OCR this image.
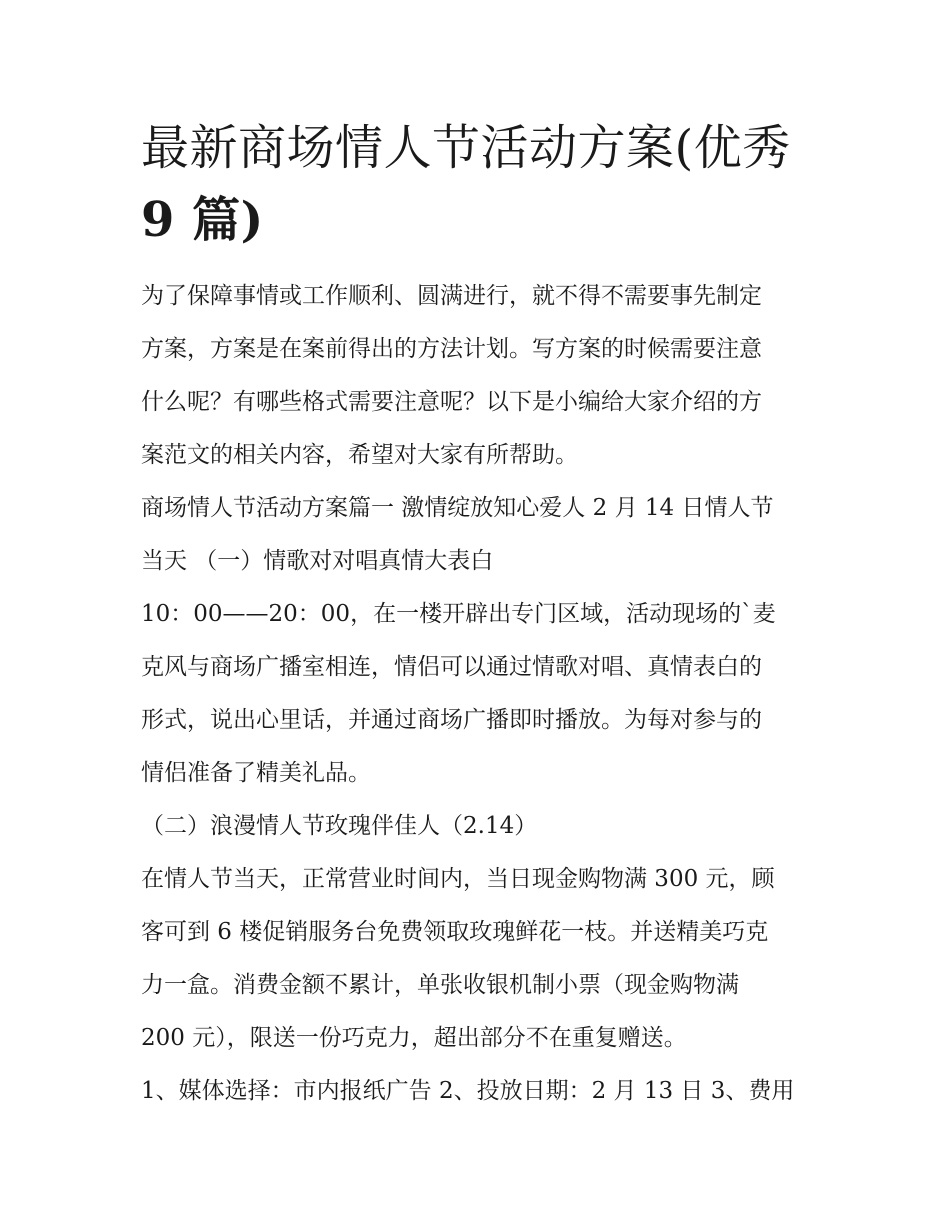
最新商场情人节活动方案(优秀
9 篇)

为了保障事情或工作顺利、圆满进行，就不得不需要事先制定
方案，方案是在案前得出的方法计划。写方案的时候需要注意
什么呢？有哪些格式需要注意呢？以下是小编给大家介绍的方
案范文的相关内容，希望对大家有所帮助。

商场情人节活动方案篇一 激情绽放知心爱人 2 月 14 日情人节
当天 （一）情歌对对唱真情大表白

10：00——20：00，在一楼开辟出专门区域，活动现场的`麦
克风与商场广播室相连，情侣可以通过情歌对唱、真情表白的
形式，说出心里话，并通过商场广播即时播放。为每对参与的
情侣准备了精美礼品。

（二）浪漫情人节玫瑰伴佳人（2.14）

在情人节当天，正常营业时间内，当日现金购物满 300 元，顾
客可到 6 楼促销服务台免费领取玫瑰鲜花一枝。并送精美巧克
力一盒。消费金额不累计，单张收银机制小票（现金购物满
200 元），限送一份巧克力，超出部分不在重复赠送。

1、媒体选择：市内报纸广告 2、投放日期：2 月 13 日 3、费用
